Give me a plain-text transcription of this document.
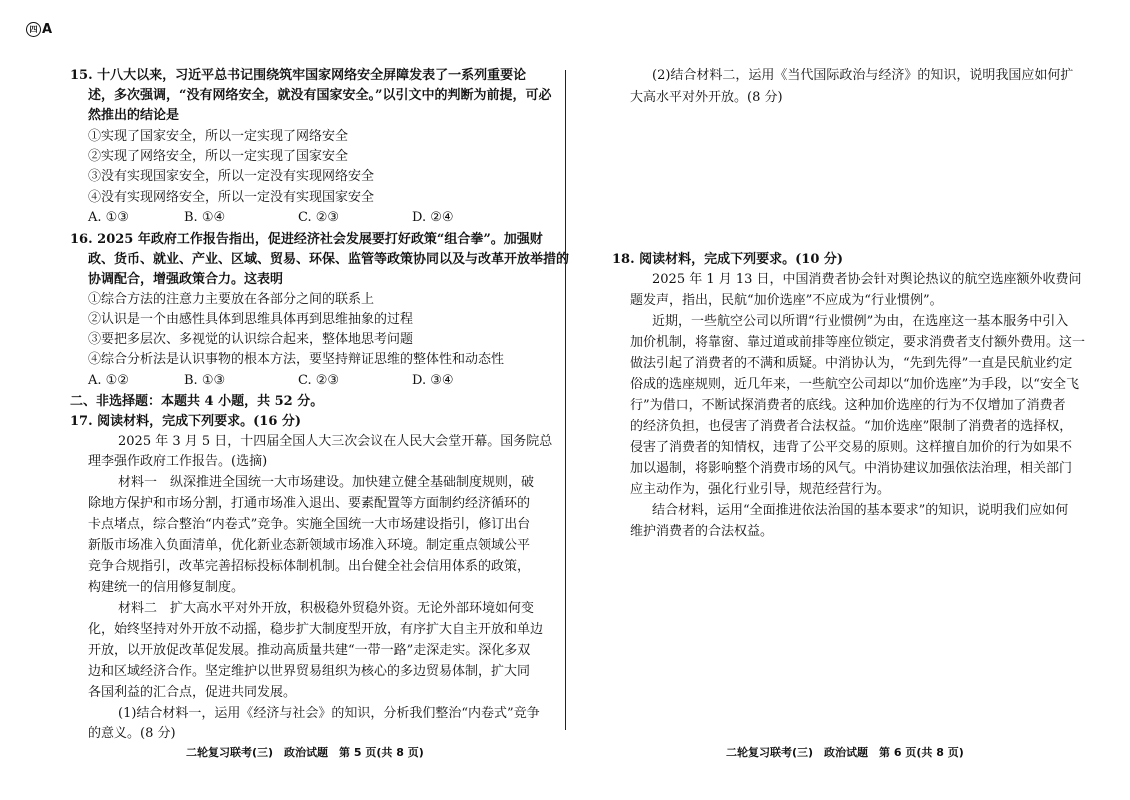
四 A
15. 十八大以来，习近平总书记围绕筑牢国家网络安全屏障发表了一系列重要论
述，多次强调，“没有网络安全，就没有国家安全。”以引文中的判断为前提，可必
然推出的结论是
①实现了国家安全，所以一定实现了网络安全
②实现了网络安全，所以一定实现了国家安全
③没有实现国家安全，所以一定没有实现网络安全
④没有实现网络安全，所以一定没有实现国家安全
A. ①③	B. ①④	C. ②③	D. ②④
16. 2025 年政府工作报告指出，促进经济社会发展要打好政策“组合拳”。加强财
政、货币、就业、产业、区域、贸易、环保、监管等政策协同以及与改革开放举措的
协调配合，增强政策合力。这表明
①综合方法的注意力主要放在各部分之间的联系上
②认识是一个由感性具体到思维具体再到思维抽象的过程
③要把多层次、多视觉的认识综合起来，整体地思考问题
④综合分析法是认识事物的根本方法，要坚持辩证思维的整体性和动态性
A. ①②	B. ①③	C. ②③	D. ③④
二、非选择题：本题共 4 小题，共 52 分。
17. 阅读材料，完成下列要求。(16 分)
2025 年 3 月 5 日，十四届全国人大三次会议在人民大会堂开幕。国务院总
理李强作政府工作报告。(选摘)
材料一　纵深推进全国统一大市场建设。加快建立健全基础制度规则，破
除地方保护和市场分割，打通市场准入退出、要素配置等方面制约经济循环的
卡点堵点，综合整治“内卷式”竞争。实施全国统一大市场建设指引，修订出台
新版市场准入负面清单，优化新业态新领域市场准入环境。制定重点领域公平
竞争合规指引，改革完善招标投标体制机制。出台健全社会信用体系的政策，
构建统一的信用修复制度。
材料二　扩大高水平对外开放，积极稳外贸稳外资。无论外部环境如何变
化，始终坚持对外开放不动摇，稳步扩大制度型开放，有序扩大自主开放和单边
开放，以开放促改革促发展。推动高质量共建“一带一路”走深走实。深化多双
边和区域经济合作。坚定维护以世界贸易组织为核心的多边贸易体制，扩大同
各国利益的汇合点，促进共同发展。
(1)结合材料一，运用《经济与社会》的知识，分析我们整治“内卷式”竞争
的意义。(8 分)
(2)结合材料二，运用《当代国际政治与经济》的知识，说明我国应如何扩
大高水平对外开放。(8 分)
18. 阅读材料，完成下列要求。(10 分)
2025 年 1 月 13 日，中国消费者协会针对舆论热议的航空选座额外收费问
题发声，指出，民航“加价选座”不应成为“行业惯例”。
近期，一些航空公司以所谓“行业惯例”为由，在选座这一基本服务中引入
加价机制，将靠窗、靠过道或前排等座位锁定，要求消费者支付额外费用。这一
做法引起了消费者的不满和质疑。中消协认为，“先到先得”一直是民航业约定
俗成的选座规则，近几年来，一些航空公司却以“加价选座”为手段，以“安全飞
行”为借口，不断试探消费者的底线。这种加价选座的行为不仅增加了消费者
的经济负担，也侵害了消费者合法权益。“加价选座”限制了消费者的选择权，
侵害了消费者的知情权，违背了公平交易的原则。这样擅自加价的行为如果不
加以遏制，将影响整个消费市场的风气。中消协建议加强依法治理，相关部门
应主动作为，强化行业引导，规范经营行为。
结合材料，运用“全面推进依法治国的基本要求”的知识，说明我们应如何
维护消费者的合法权益。
二轮复习联考(三)　政治试题　第 5 页(共 8 页)	二轮复习联考(三)　政治试题　第 6 页(共 8 页)
